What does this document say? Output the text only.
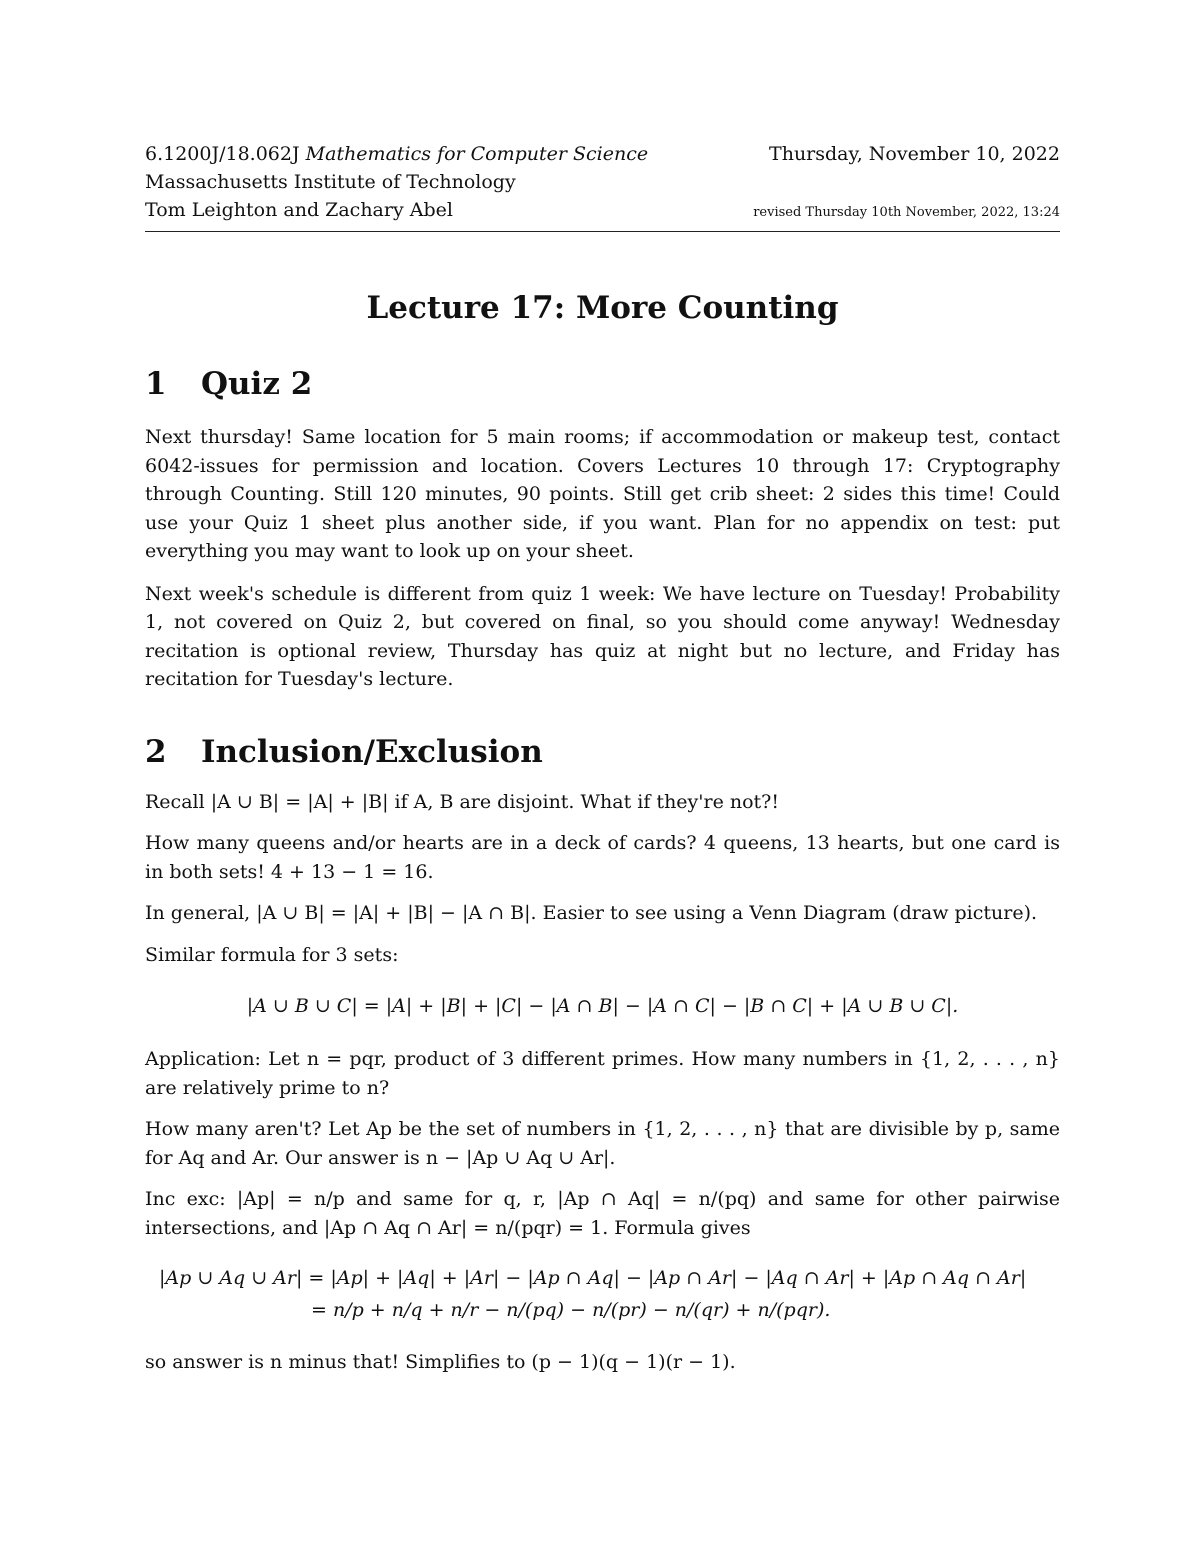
6.1200J/18.062J Mathematics for Computer Science	Thursday, November 10, 2022
Massachusetts Institute of Technology
Tom Leighton and Zachary Abel	revised Thursday 10th November, 2022, 13:24
Lecture 17: More Counting
1	Quiz 2

Next thursday! Same location for 5 main rooms; if accommodation or makeup test, contact 6042-issues for permission and location. Covers Lectures 10 through 17: Cryptography through Counting. Still 120 minutes, 90 points. Still get crib sheet: 2 sides this time! Could use your Quiz 1 sheet plus another side, if you want. Plan for no appendix on test: put everything you may want to look up on your sheet.

Next week's schedule is different from quiz 1 week: We have lecture on Tuesday! Probability 1, not covered on Quiz 2, but covered on final, so you should come anyway! Wednesday recitation is optional review, Thursday has quiz at night but no lecture, and Friday has recitation for Tuesday's lecture.

2	Inclusion/Exclusion

Recall |A ∪ B| = |A| + |B| if A, B are disjoint. What if they're not?!

How many queens and/or hearts are in a deck of cards? 4 queens, 13 hearts, but one card is in both sets! 4 + 13 − 1 = 16.

In general, |A ∪ B| = |A| + |B| − |A ∩ B|. Easier to see using a Venn Diagram (draw picture).

Similar formula for 3 sets:

|A ∪ B ∪ C| = |A| + |B| + |C| − |A ∩ B| − |A ∩ C| − |B ∩ C| + |A ∪ B ∪ C|.

Application: Let n = pqr, product of 3 different primes. How many numbers in {1, 2, . . . , n} are relatively prime to n?

How many aren't? Let Ap be the set of numbers in {1, 2, . . . , n} that are divisible by p, same for Aq and Ar. Our answer is n − |Ap ∪ Aq ∪ Ar|.

Inc exc: |Ap| = n/p and same for q, r, |Ap ∩ Aq| = n/(pq) and same for other pairwise intersections, and |Ap ∩ Aq ∩ Ar| = n/(pqr) = 1. Formula gives

|Ap ∪ Aq ∪ Ar| = |Ap| + |Aq| + |Ar| − |Ap ∩ Aq| − |Ap ∩ Ar| − |Aq ∩ Ar| + |Ap ∩ Aq ∩ Ar|
= n/p + n/q + n/r − n/(pq) − n/(pr) − n/(qr) + n/(pqr).

so answer is n minus that! Simplifies to (p − 1)(q − 1)(r − 1).
